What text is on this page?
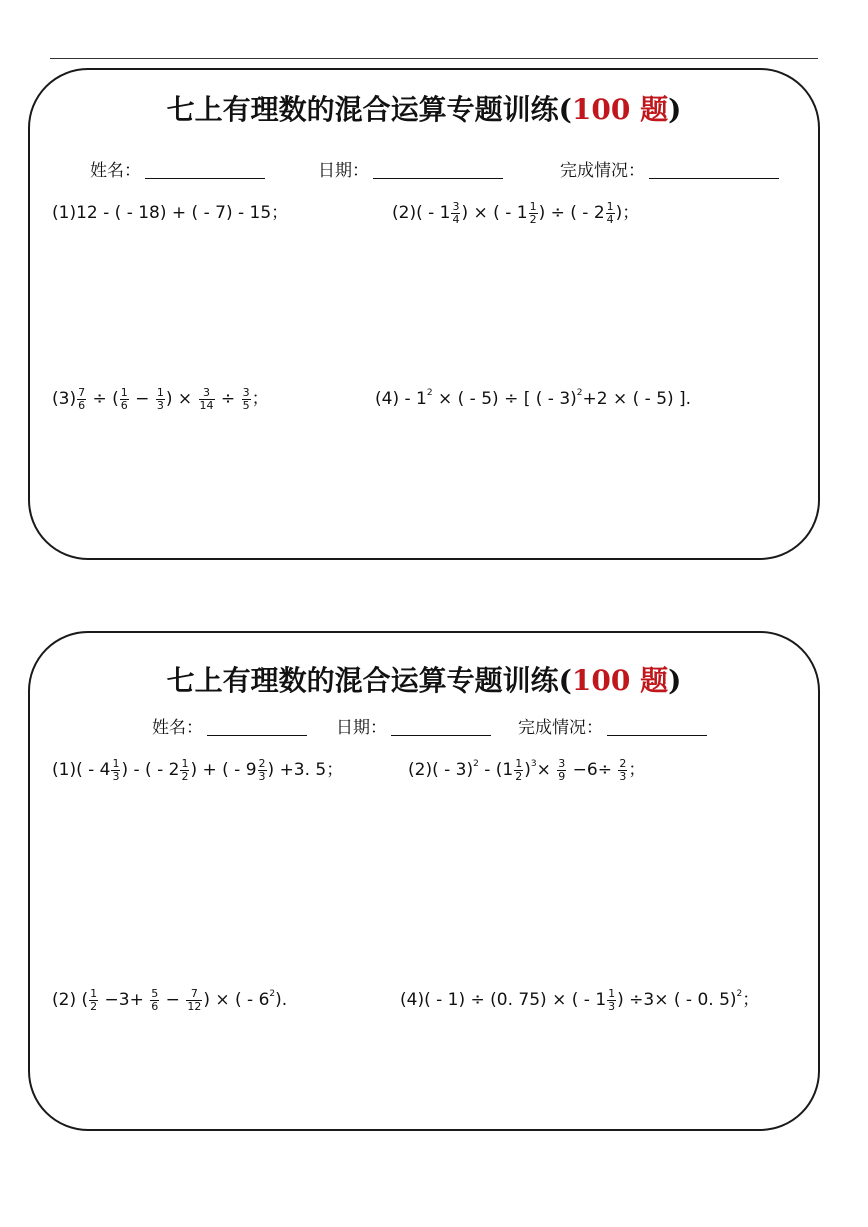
七上有理数的混合运算专题训练(100 题)
姓名：	日期：	完成情况：
(1)12 - ( - 18) + ( - 7) - 15；	$(2)( - 1 \frac{3}{4}$ ) × ( - $1 \frac{1}{2}$ ) ÷ ( - $2 \frac{1}{4}$ )；
$(3) \frac{7}{6}$ ÷ ( $\frac{1}{6} - \frac{1}{3}$ ) × $\frac{3}{14} \div \frac{3}{5}$ ；	$(4) - 1^2$ × ( - 5) ÷ [ ( - 3)$^2$+2 × ( - 5) ].
七上有理数的混合运算专题训练(100 题)
姓名：	日期：	完成情况：
$(1)( - 4 \frac{1}{3}$ ) - ( - $2 \frac{1}{2}$ ) + ( - $9 \frac{2}{3}$ ) +3. 5；	$(2)( - 3)^2 - (1 \frac{1}{2} )^3\times \frac{3}{9} -6\div \frac{2}{3}$ ；
(2) ( $\frac{1}{2} -3+ \frac{5}{6} - \frac{7}{12}$ ) × ( - $6^2$).	(4)( - 1) ÷ (0. 75) × ( - $1 \frac{1}{3}$ ) ÷3× ( - 0. 5)$^2$；
